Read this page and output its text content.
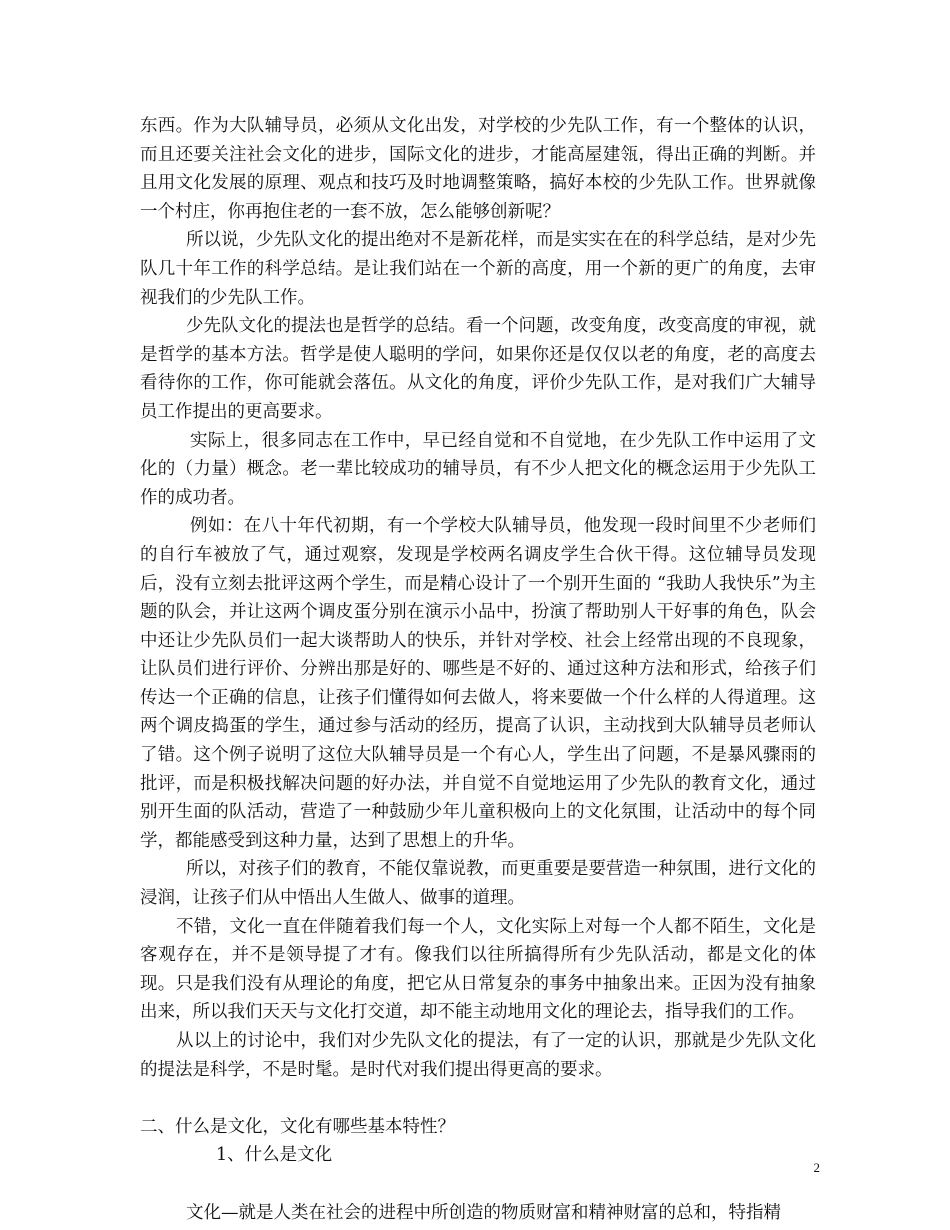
东西。作为大队辅导员，必须从文化出发，对学校的少先队工作，有一个整体的认识，而且还要关注社会文化的进步，国际文化的进步，才能高屋建瓴，得出正确的判断。并且用文化发展的原理、观点和技巧及时地调整策略，搞好本校的少先队工作。世界就像一个村庄，你再抱住老的一套不放，怎么能够创新呢？

所以说，少先队文化的提出绝对不是新花样，而是实实在在的科学总结，是对少先队几十年工作的科学总结。是让我们站在一个新的高度，用一个新的更广的角度，去审视我们的少先队工作。

少先队文化的提法也是哲学的总结。看一个问题，改变角度，改变高度的审视，就是哲学的基本方法。哲学是使人聪明的学问，如果你还是仅仅以老的角度，老的高度去看待你的工作，你可能就会落伍。从文化的角度，评价少先队工作，是对我们广大辅导员工作提出的更高要求。

实际上，很多同志在工作中，早已经自觉和不自觉地，在少先队工作中运用了文化的（力量）概念。老一辈比较成功的辅导员，有不少人把文化的概念运用于少先队工作的成功者。

例如：在八十年代初期，有一个学校大队辅导员，他发现一段时间里不少老师们的自行车被放了气，通过观察，发现是学校两名调皮学生合伙干得。这位辅导员发现后，没有立刻去批评这两个学生，而是精心设计了一个别开生面的 “我助人我快乐”为主题的队会，并让这两个调皮蛋分别在演示小品中，扮演了帮助别人干好事的角色，队会中还让少先队员们一起大谈帮助人的快乐，并针对学校、社会上经常出现的不良现象，让队员们进行评价、分辨出那是好的、哪些是不好的、通过这种方法和形式，给孩子们传达一个正确的信息，让孩子们懂得如何去做人，将来要做一个什么样的人得道理。这两个调皮捣蛋的学生，通过参与活动的经历，提高了认识，主动找到大队辅导员老师认了错。这个例子说明了这位大队辅导员是一个有心人，学生出了问题，不是暴风骤雨的批评，而是积极找解决问题的好办法，并自觉不自觉地运用了少先队的教育文化，通过别开生面的队活动，营造了一种鼓励少年儿童积极向上的文化氛围，让活动中的每个同学，都能感受到这种力量，达到了思想上的升华。

所以，对孩子们的教育，不能仅靠说教，而更重要是要营造一种氛围，进行文化的浸润，让孩子们从中悟出人生做人、做事的道理。

不错，文化一直在伴随着我们每一个人，文化实际上对每一个人都不陌生，文化是客观存在，并不是领导提了才有。像我们以往所搞得所有少先队活动，都是文化的体现。只是我们没有从理论的角度，把它从日常复杂的事务中抽象出来。正因为没有抽象出来，所以我们天天与文化打交道，却不能主动地用文化的理论去，指导我们的工作。

从以上的讨论中，我们对少先队文化的提法，有了一定的认识，那就是少先队文化的提法是科学，不是时髦。是时代对我们提出得更高的要求。

二、什么是文化，文化有哪些基本特性？

1、什么是文化

文化—就是人类在社会的进程中所创造的物质财富和精神财富的总和，特指精

2
